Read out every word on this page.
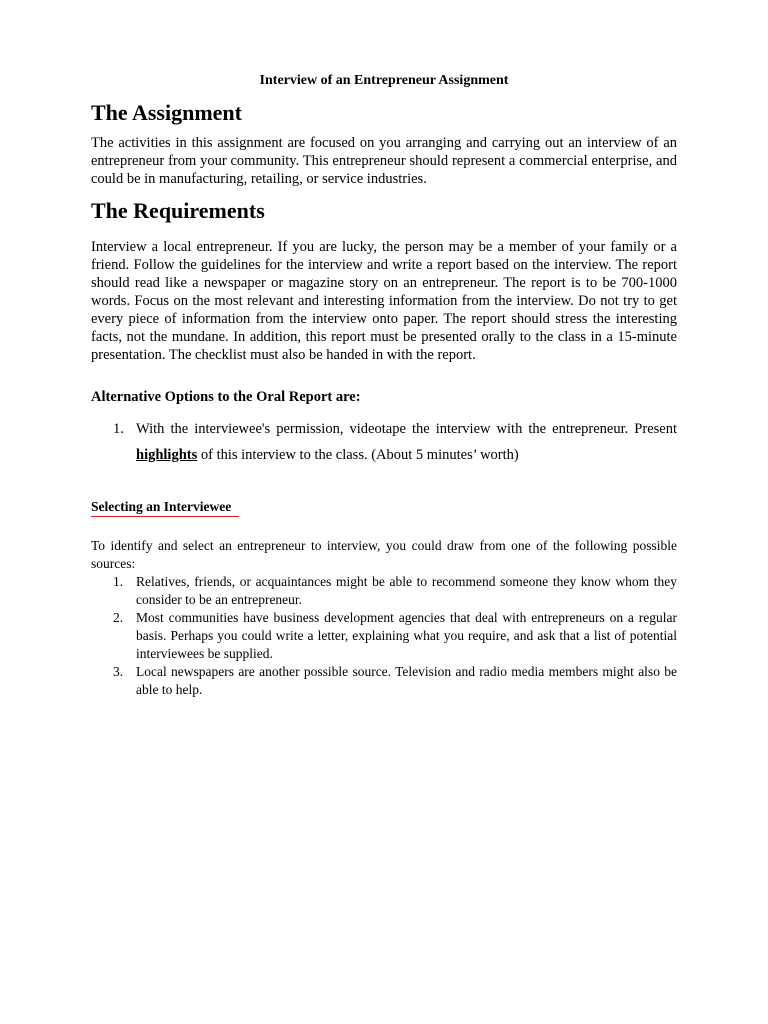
Interview of an Entrepreneur Assignment
The Assignment

The activities in this assignment are focused on you arranging and carrying out an interview of an entrepreneur from your community. This entrepreneur should represent a commercial enterprise, and could be in manufacturing, retailing, or service industries.

The Requirements

Interview a local entrepreneur. If you are lucky, the person may be a member of your family or a friend. Follow the guidelines for the interview and write a report based on the interview. The report should read like a newspaper or magazine story on an entrepreneur. The report is to be 700-1000 words. Focus on the most relevant and interesting information from the interview. Do not try to get every piece of information from the interview onto paper. The report should stress the interesting facts, not the mundane. In addition, this report must be presented orally to the class in a 15-minute presentation. The checklist must also be handed in with the report.

Alternative Options to the Oral Report are:
1. With the interviewee's permission, videotape the interview with the entrepreneur. Present highlights of this interview to the class. (About 5 minutes’ worth)
Selecting an Interviewee

To identify and select an entrepreneur to interview, you could draw from one of the following possible sources:

1. Relatives, friends, or acquaintances might be able to recommend someone they know whom they consider to be an entrepreneur.
2. Most communities have business development agencies that deal with entrepreneurs on a regular basis. Perhaps you could write a letter, explaining what you require, and ask that a list of potential interviewees be supplied.
3. Local newspapers are another possible source. Television and radio media members might also be able to help.
